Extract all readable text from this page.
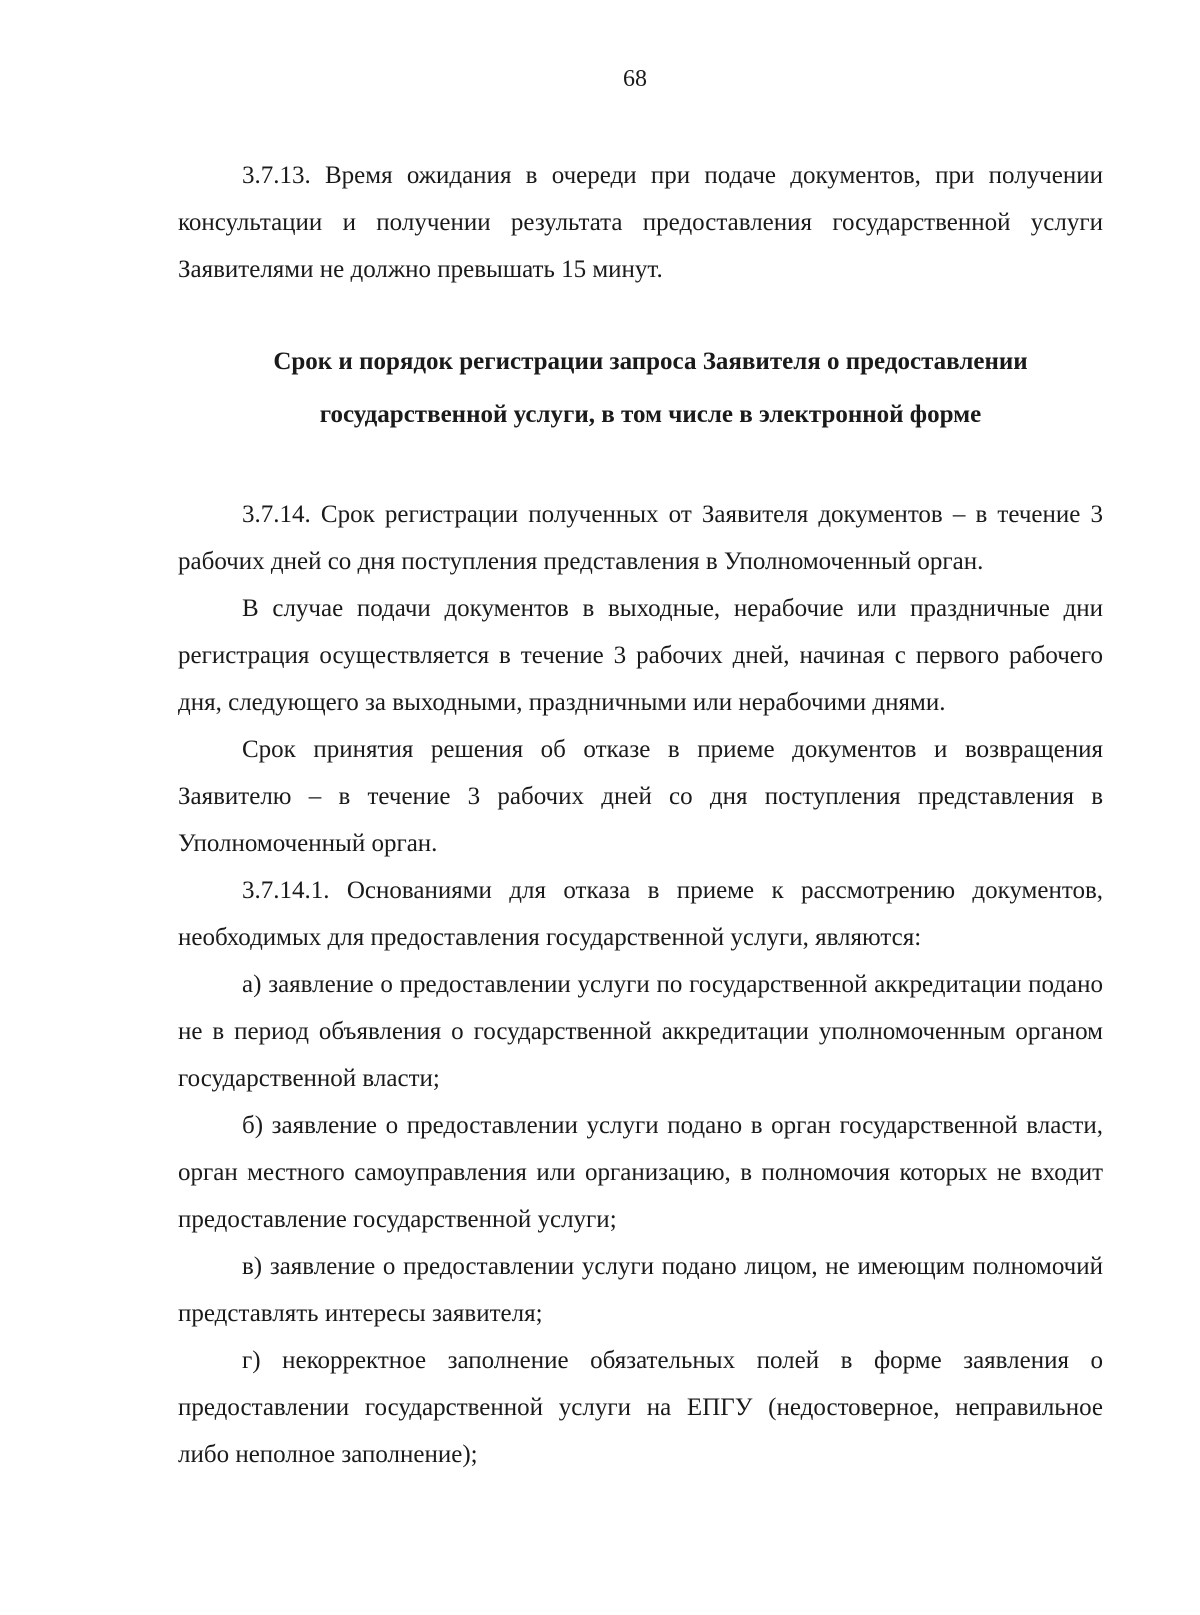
68

3.7.13. Время ожидания в очереди при подаче документов, при получении консультации и получении результата предоставления государственной услуги Заявителями не должно превышать 15 минут.

Срок и порядок регистрации запроса Заявителя о предоставлении
государственной услуги, в том числе в электронной форме

3.7.14. Срок регистрации полученных от Заявителя документов – в течение 3 рабочих дней со дня поступления представления в Уполномоченный орган.

В случае подачи документов в выходные, нерабочие или праздничные дни регистрация осуществляется в течение 3 рабочих дней, начиная с первого рабочего дня, следующего за выходными, праздничными или нерабочими днями.

Срок принятия решения об отказе в приеме документов и возвращения Заявителю – в течение 3 рабочих дней со дня поступления представления в Уполномоченный орган.

3.7.14.1. Основаниями для отказа в приеме к рассмотрению документов, необходимых для предоставления государственной услуги, являются:

а) заявление о предоставлении услуги по государственной аккредитации подано не в период объявления о государственной аккредитации уполномоченным органом государственной власти;

б) заявление о предоставлении услуги подано в орган государственной власти, орган местного самоуправления или организацию, в полномочия которых не входит предоставление государственной услуги;

в) заявление о предоставлении услуги подано лицом, не имеющим полномочий представлять интересы заявителя;

г) некорректное заполнение обязательных полей в форме заявления о предоставлении государственной услуги на ЕПГУ (недостоверное, неправильное либо неполное заполнение);
